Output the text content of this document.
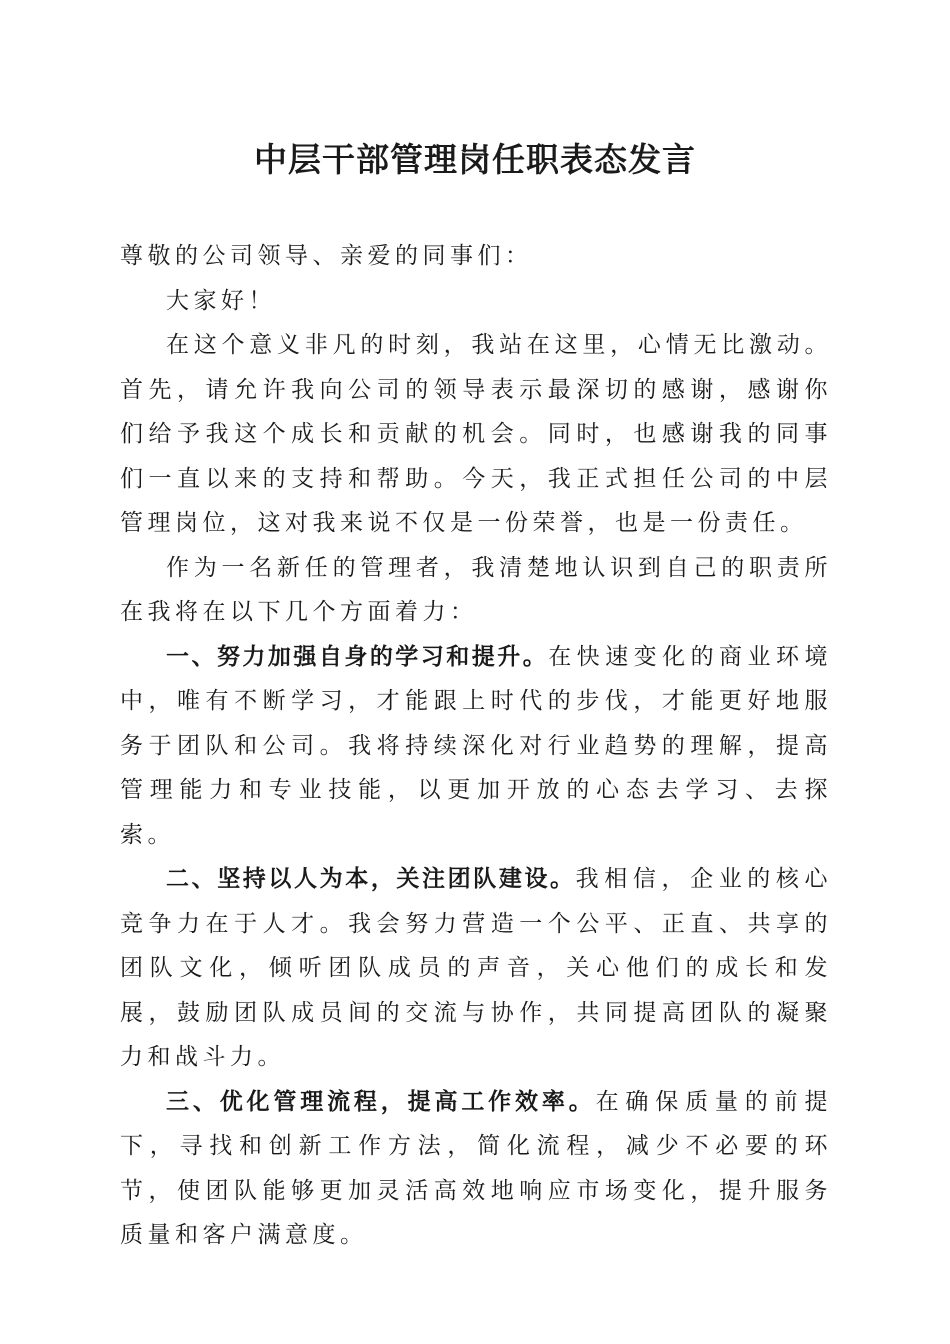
中层干部管理岗任职表态发言

尊敬的公司领导、亲爱的同事们：

大家好！

在这个意义非凡的时刻，我站在这里，心情无比激动。首先，请允许我向公司的领导表示最深切的感谢，感谢你们给予我这个成长和贡献的机会。同时，也感谢我的同事们一直以来的支持和帮助。今天，我正式担任公司的中层管理岗位，这对我来说不仅是一份荣誉，也是一份责任。

作为一名新任的管理者，我清楚地认识到自己的职责所在我将在以下几个方面着力：

一、努力加强自身的学习和提升。在快速变化的商业环境中，唯有不断学习，才能跟上时代的步伐，才能更好地服务于团队和公司。我将持续深化对行业趋势的理解，提高管理能力和专业技能，以更加开放的心态去学习、去探索。

二、坚持以人为本，关注团队建设。我相信，企业的核心竞争力在于人才。我会努力营造一个公平、正直、共享的团队文化，倾听团队成员的声音，关心他们的成长和发展，鼓励团队成员间的交流与协作，共同提高团队的凝聚力和战斗力。

三、优化管理流程，提高工作效率。在确保质量的前提下，寻找和创新工作方法，简化流程，减少不必要的环节，使团队能够更加灵活高效地响应市场变化，提升服务质量和客户满意度。
